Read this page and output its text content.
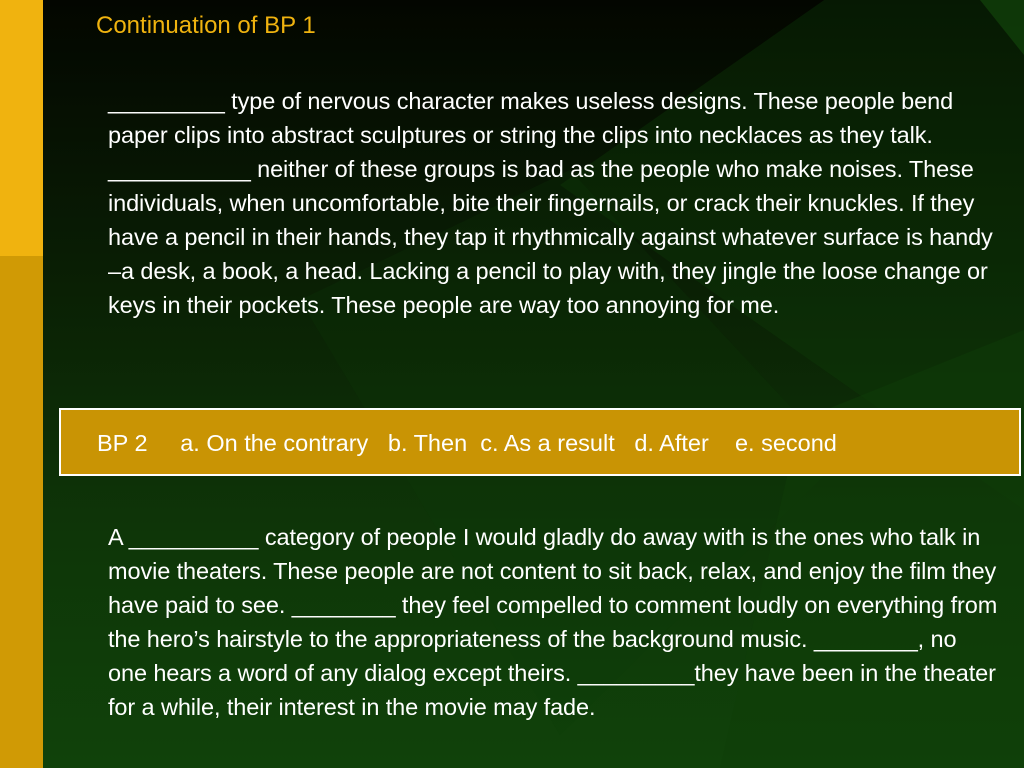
Continuation of BP 1

_________ type of nervous character makes useless designs. These people bend paper clips into abstract sculptures or string the clips into necklaces as they talk. ___________ neither of these groups is bad as the people who make noises. These individuals, when uncomfortable, bite their fingernails, or crack their knuckles. If they have a pencil in their hands, they tap it rhythmically against whatever surface is handy –a desk, a book, a head. Lacking a pencil to play with, they jingle the loose change or keys in their pockets. These people are way too annoying for me.

BP 2 a. On the contrary b. Then c. As a result d. After e. second

A __________ category of people I would gladly do away with is the ones who talk in movie theaters. These people are not content to sit back, relax, and enjoy the film they have paid to see. ________ they feel compelled to comment loudly on everything from the hero’s hairstyle to the appropriateness of the background music. ________, no one hears a word of any dialog except theirs. _________they have been in the theater for a while, their interest in the movie may fade.
